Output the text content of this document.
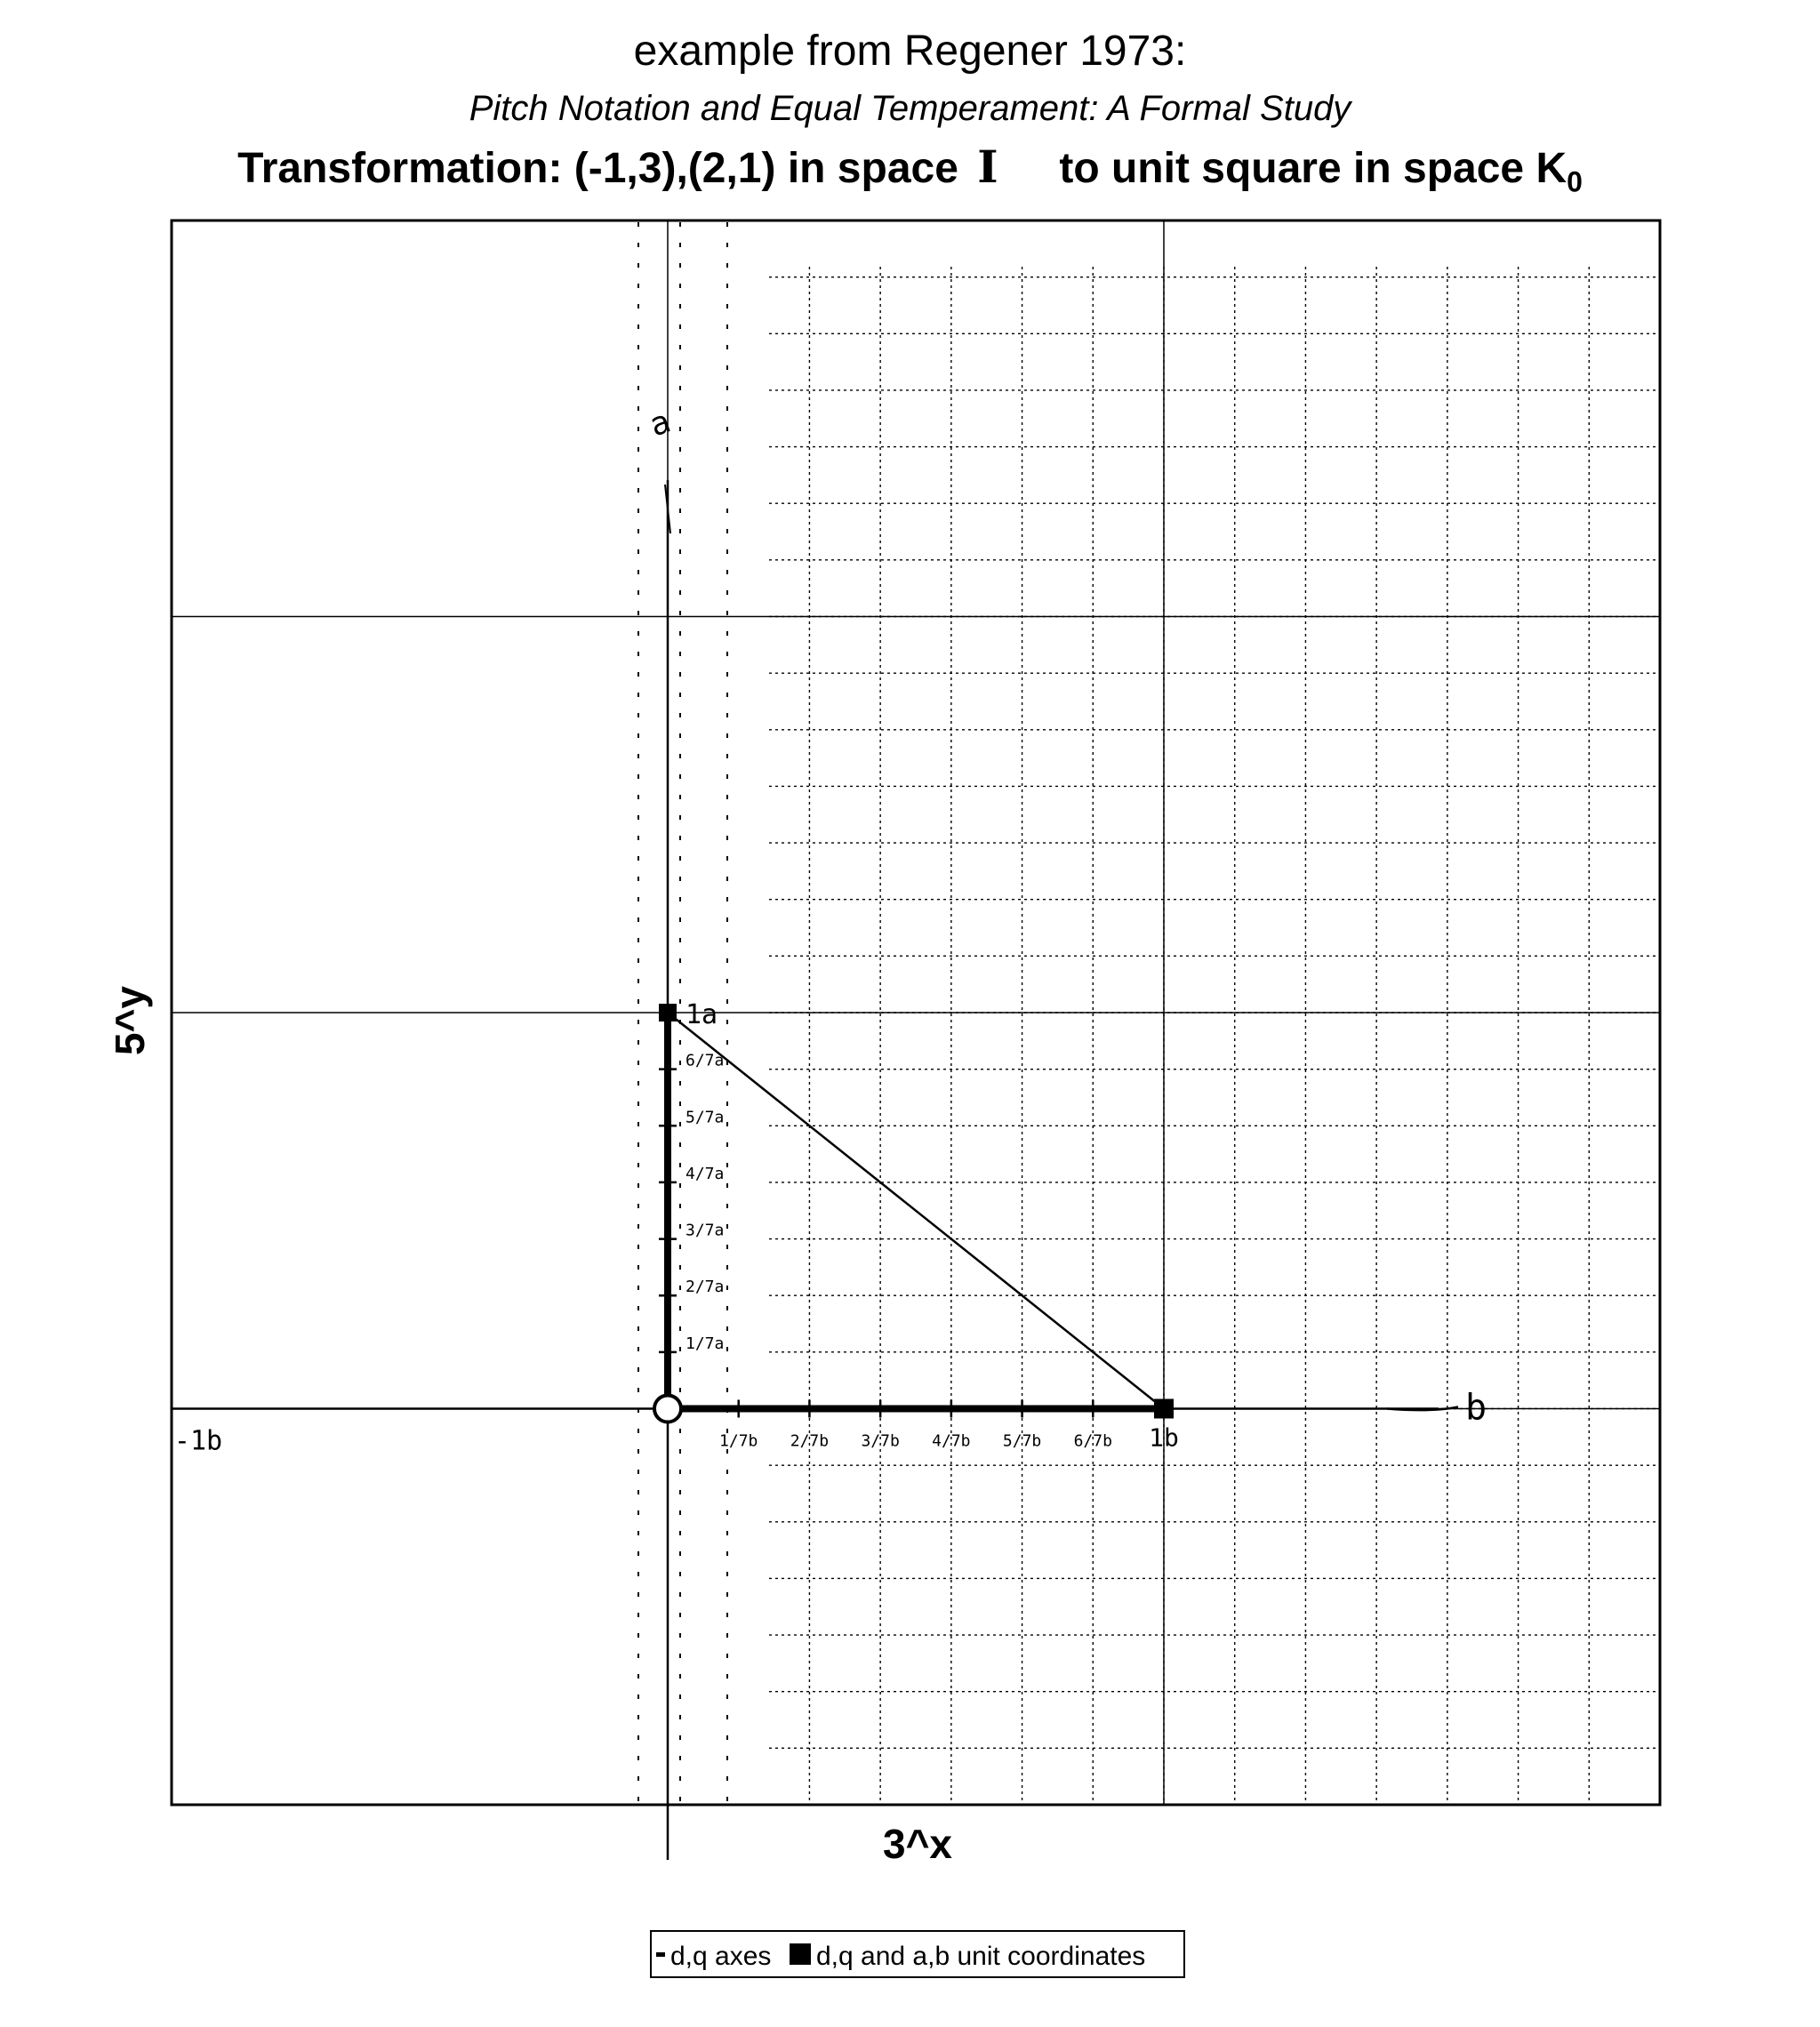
example from Regener 1973:
Pitch Notation and Equal Temperament: A Formal Study
Transformation: (-1,3),(2,1) in space I to unit square in space $K_0$
1a
6/7a
5/7a
4/7a
3/7a
2/7a
1/7a
1/7b 2/7b 3/7b 4/7b 5/7b 6/7b 1b
-1b
a
b
5^y
3^x
d,q axes d,q and a,b unit coordinates
